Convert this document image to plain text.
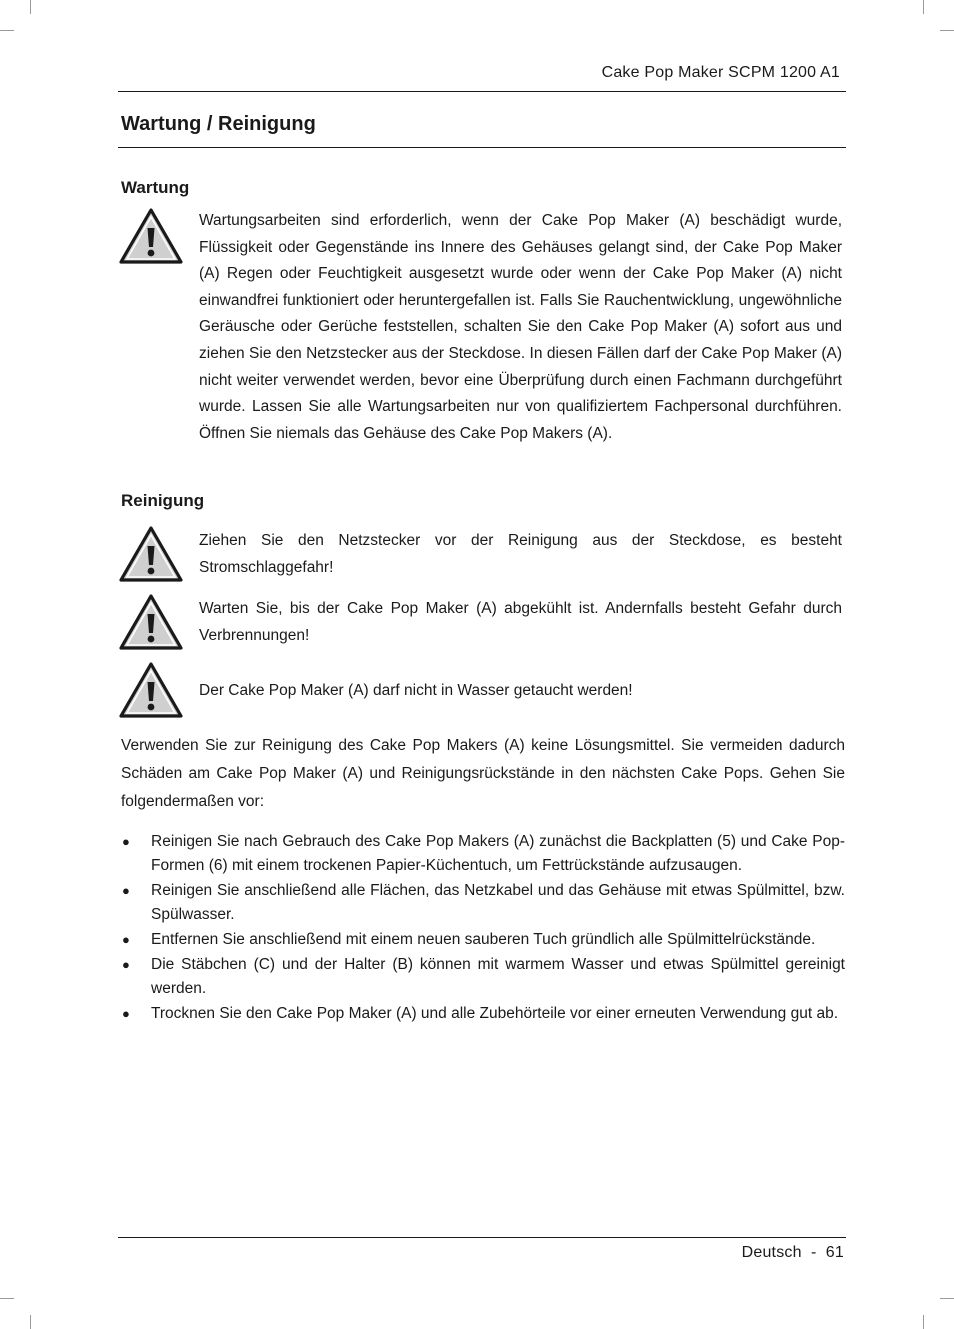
Cake Pop Maker SCPM 1200 A1
Wartung / Reinigung
Wartung

Wartungsarbeiten sind erforderlich, wenn der Cake Pop Maker (A) beschädigt wurde, Flüssigkeit oder Gegenstände ins Innere des Gehäuses gelangt sind, der Cake Pop Maker (A) Regen oder Feuchtigkeit ausgesetzt wurde oder wenn der Cake Pop Maker (A) nicht einwandfrei funktioniert oder heruntergefallen ist. Falls Sie Rauchentwicklung, ungewöhnliche Geräusche oder Gerüche feststellen, schalten Sie den Cake Pop Maker (A) sofort aus und ziehen Sie den Netzstecker aus der Steckdose. In diesen Fällen darf der Cake Pop Maker (A) nicht weiter verwendet werden, bevor eine Überprüfung durch einen Fachmann durchgeführt wurde. Lassen Sie alle Wartungsarbeiten nur von qualifiziertem Fachpersonal durchführen. Öffnen Sie niemals das Gehäuse des Cake Pop Makers (A).

Reinigung

Ziehen Sie den Netzstecker vor der Reinigung aus der Steckdose, es besteht Stromschlaggefahr!

Warten Sie, bis der Cake Pop Maker (A) abgekühlt ist. Andernfalls besteht Gefahr durch Verbrennungen!

Der Cake Pop Maker (A) darf nicht in Wasser getaucht werden!

Verwenden Sie zur Reinigung des Cake Pop Makers (A) keine Lösungsmittel. Sie vermeiden dadurch Schäden am Cake Pop Maker (A) und Reinigungsrückstände in den nächsten Cake Pops. Gehen Sie folgendermaßen vor:

● Reinigen Sie nach Gebrauch des Cake Pop Makers (A) zunächst die Backplatten (5) und Cake Pop-Formen (6) mit einem trockenen Papier-Küchentuch, um Fettrückstände aufzusaugen.
● Reinigen Sie anschließend alle Flächen, das Netzkabel und das Gehäuse mit etwas Spülmittel, bzw. Spülwasser.
● Entfernen Sie anschließend mit einem neuen sauberen Tuch gründlich alle Spülmittelrückstände.
● Die Stäbchen (C) und der Halter (B) können mit warmem Wasser und etwas Spülmittel gereinigt werden.
● Trocknen Sie den Cake Pop Maker (A) und alle Zubehörteile vor einer erneuten Verwendung gut ab.
Deutsch  -  61
